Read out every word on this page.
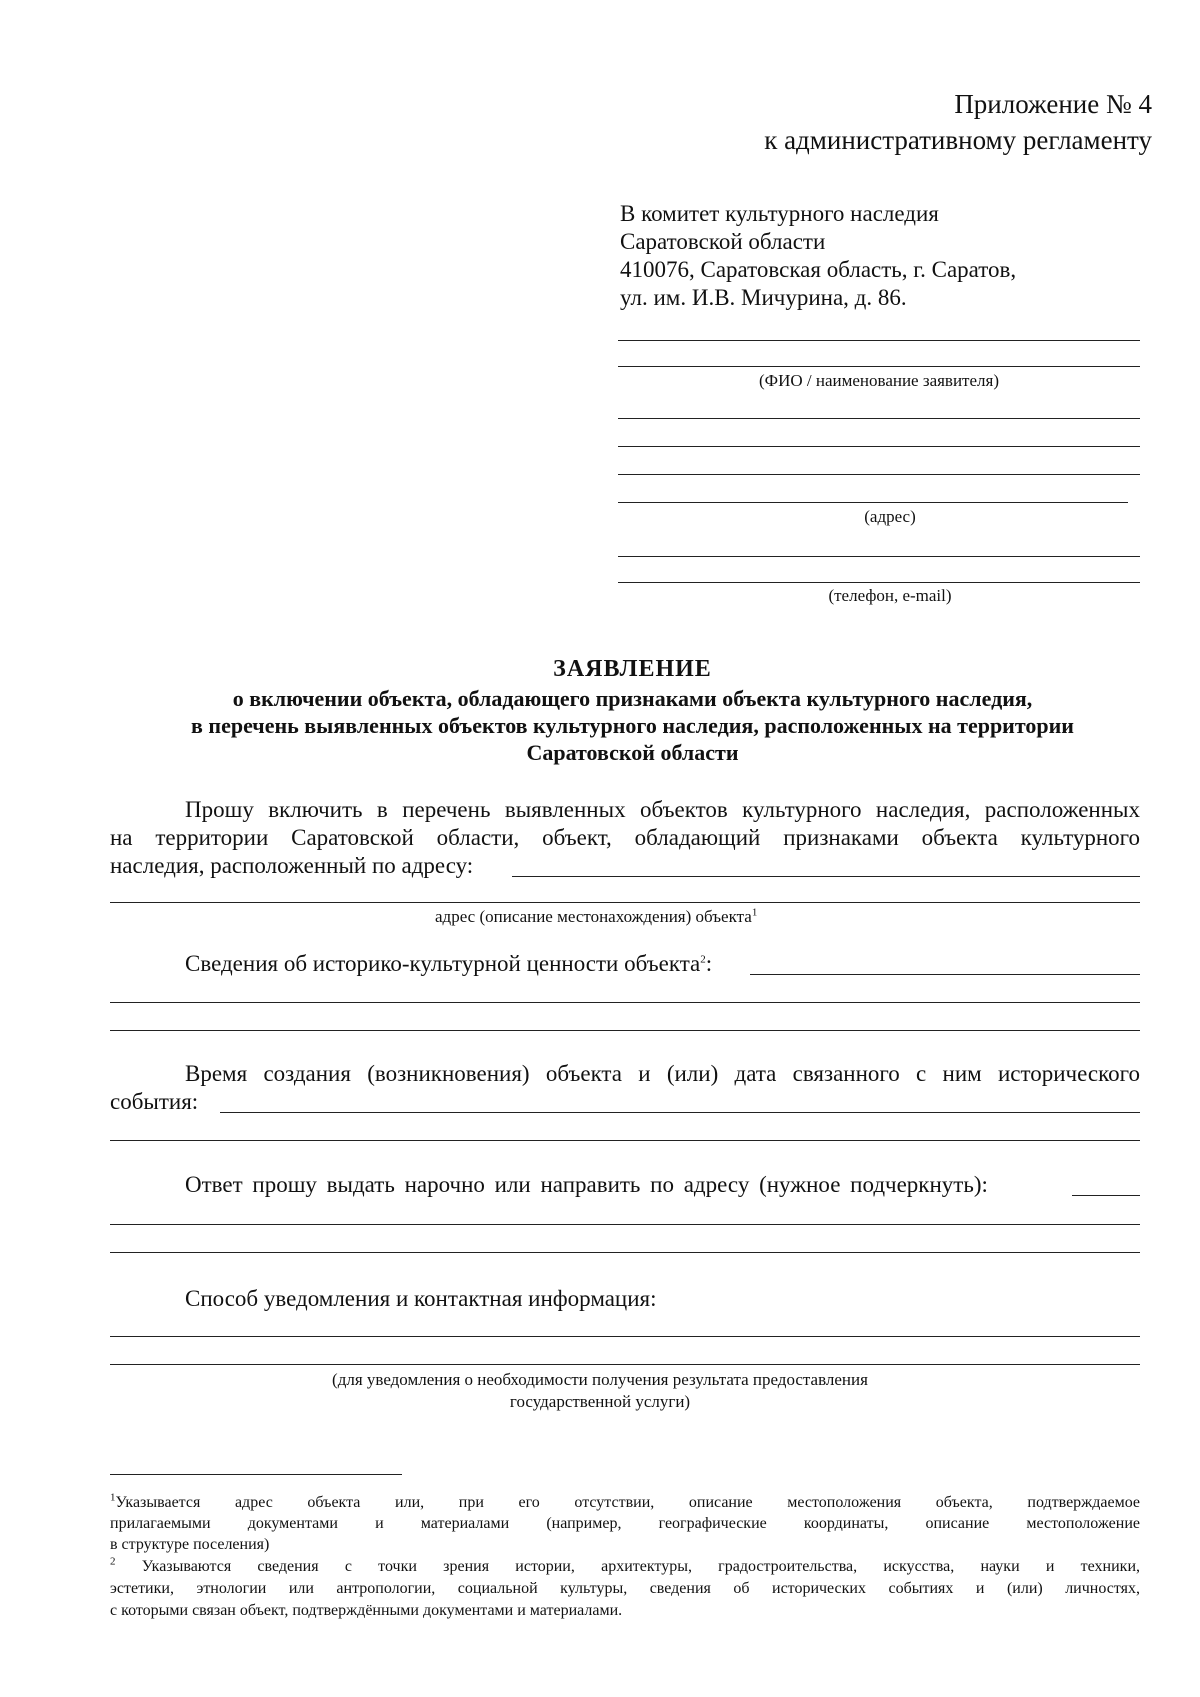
Приложение № 4
к административному регламенту
В комитет культурного наследия
Саратовской области
410076, Саратовская область, г. Саратов,
ул. им. И.В. Мичурина, д. 86.
(ФИО / наименование заявителя)
(адрес)
(телефон, e-mail)
ЗАЯВЛЕНИЕ
о включении объекта, обладающего признаками объекта культурного наследия,
в перечень выявленных объектов культурного наследия, расположенных на территории
Саратовской области
Прошу включить в перечень выявленных объектов культурного наследия, расположенных
на территории Саратовской области, объект, обладающий признаками объекта культурного
наследия, расположенный по адресу:
адрес (описание местонахождения) объекта$^1$
Сведения об историко-культурной ценности объекта$^2$:
Время создания (возникновения) объекта и (или) дата связанного с ним исторического
события:
Ответ прошу выдать нарочно или направить по адресу (нужное подчеркнуть):
Способ уведомления и контактная информация:
(для уведомления о необходимости получения результата предоставления
государственной услуги)
$^1$Указывается адрес объекта или, при его отсутствии, описание местоположения объекта, подтверждаемое
прилагаемыми документами и материалами (например, географические координаты, описание местоположение
в структуре поселения)
$^2$ Указываются сведения с точки зрения истории, архитектуры, градостроительства, искусства, науки и техники,
эстетики, этнологии или антропологии, социальной культуры, сведения об исторических событиях и (или) личностях,
с которыми связан объект, подтверждёнными документами и материалами.
